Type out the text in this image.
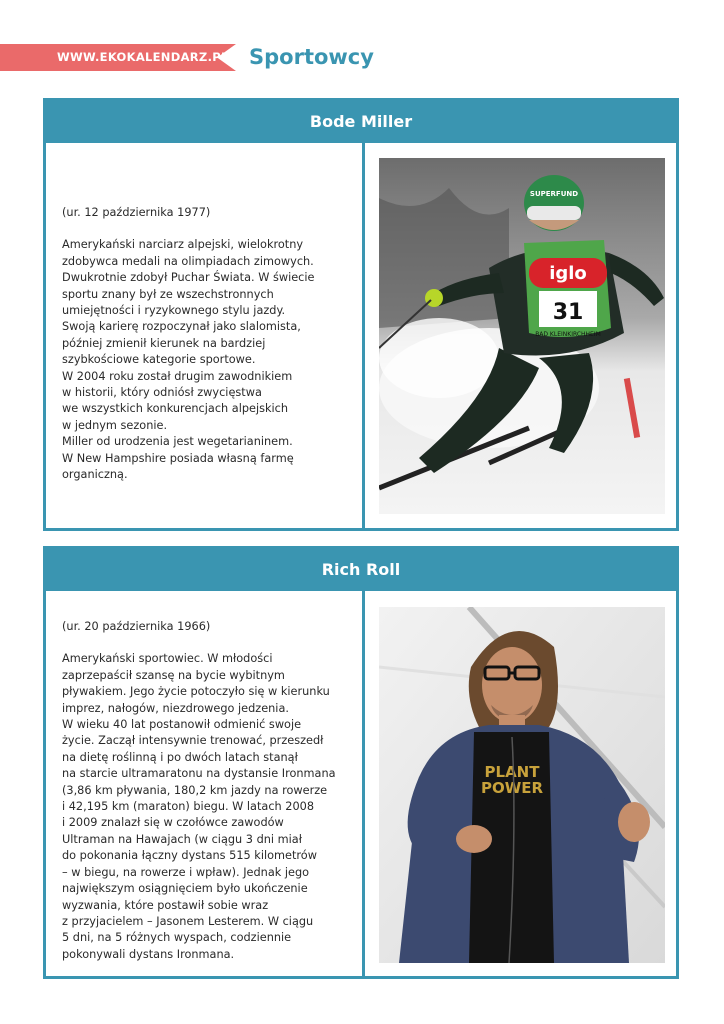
WWW.EKOKALENDARZ.PL Sportowcy
Bode Miller

(ur. 12 października 1977)

Amerykański narciarz alpejski, wielokrotny
zdobywca medali na olimpiadach zimowych.
Dwukrotnie zdobył Puchar Świata. W świecie
sportu znany był ze wszechstronnych
umiejętności i ryzykownego stylu jazdy.
Swoją karierę rozpoczynał jako slalomista,
później zmienił kierunek na bardziej
szybkościowe kategorie sportowe.
W 2004 roku został drugim zawodnikiem
w historii, który odniósł zwycięstwa
we wszystkich konkurencjach alpejskich
w jednym sezonie.
Miller od urodzenia jest wegetarianinem.
W New Hampshire posiada własną farmę
organiczną.
iglo
31
BAD KLEINKIRCHHEIM
SUPERFUND
Rich Roll

(ur. 20 października 1966)

Amerykański sportowiec. W młodości
zaprzepaścił szansę na bycie wybitnym
pływakiem. Jego życie potoczyło się w kierunku
imprez, nałogów, niezdrowego jedzenia.
W wieku 40 lat postanowił odmienić swoje
życie. Zaczął intensywnie trenować, przeszedł
na dietę roślinną i po dwóch latach stanął
na starcie ultramaratonu na dystansie Ironmana
(3,86 km pływania, 180,2 km jazdy na rowerze
i 42,195 km (maraton) biegu. W latach 2008
i 2009 znalazł się w czołówce zawodów
Ultraman na Hawajach (w ciągu 3 dni miał
do pokonania łączny dystans 515 kilometrów
– w biegu, na rowerze i wpław). Jednak jego
największym osiągnięciem było ukończenie
wyzwania, które postawił sobie wraz
z przyjacielem – Jasonem Lesterem. W ciągu
5 dni, na 5 różnych wyspach, codziennie
pokonywali dystans Ironmana.
PLANT
POWER
